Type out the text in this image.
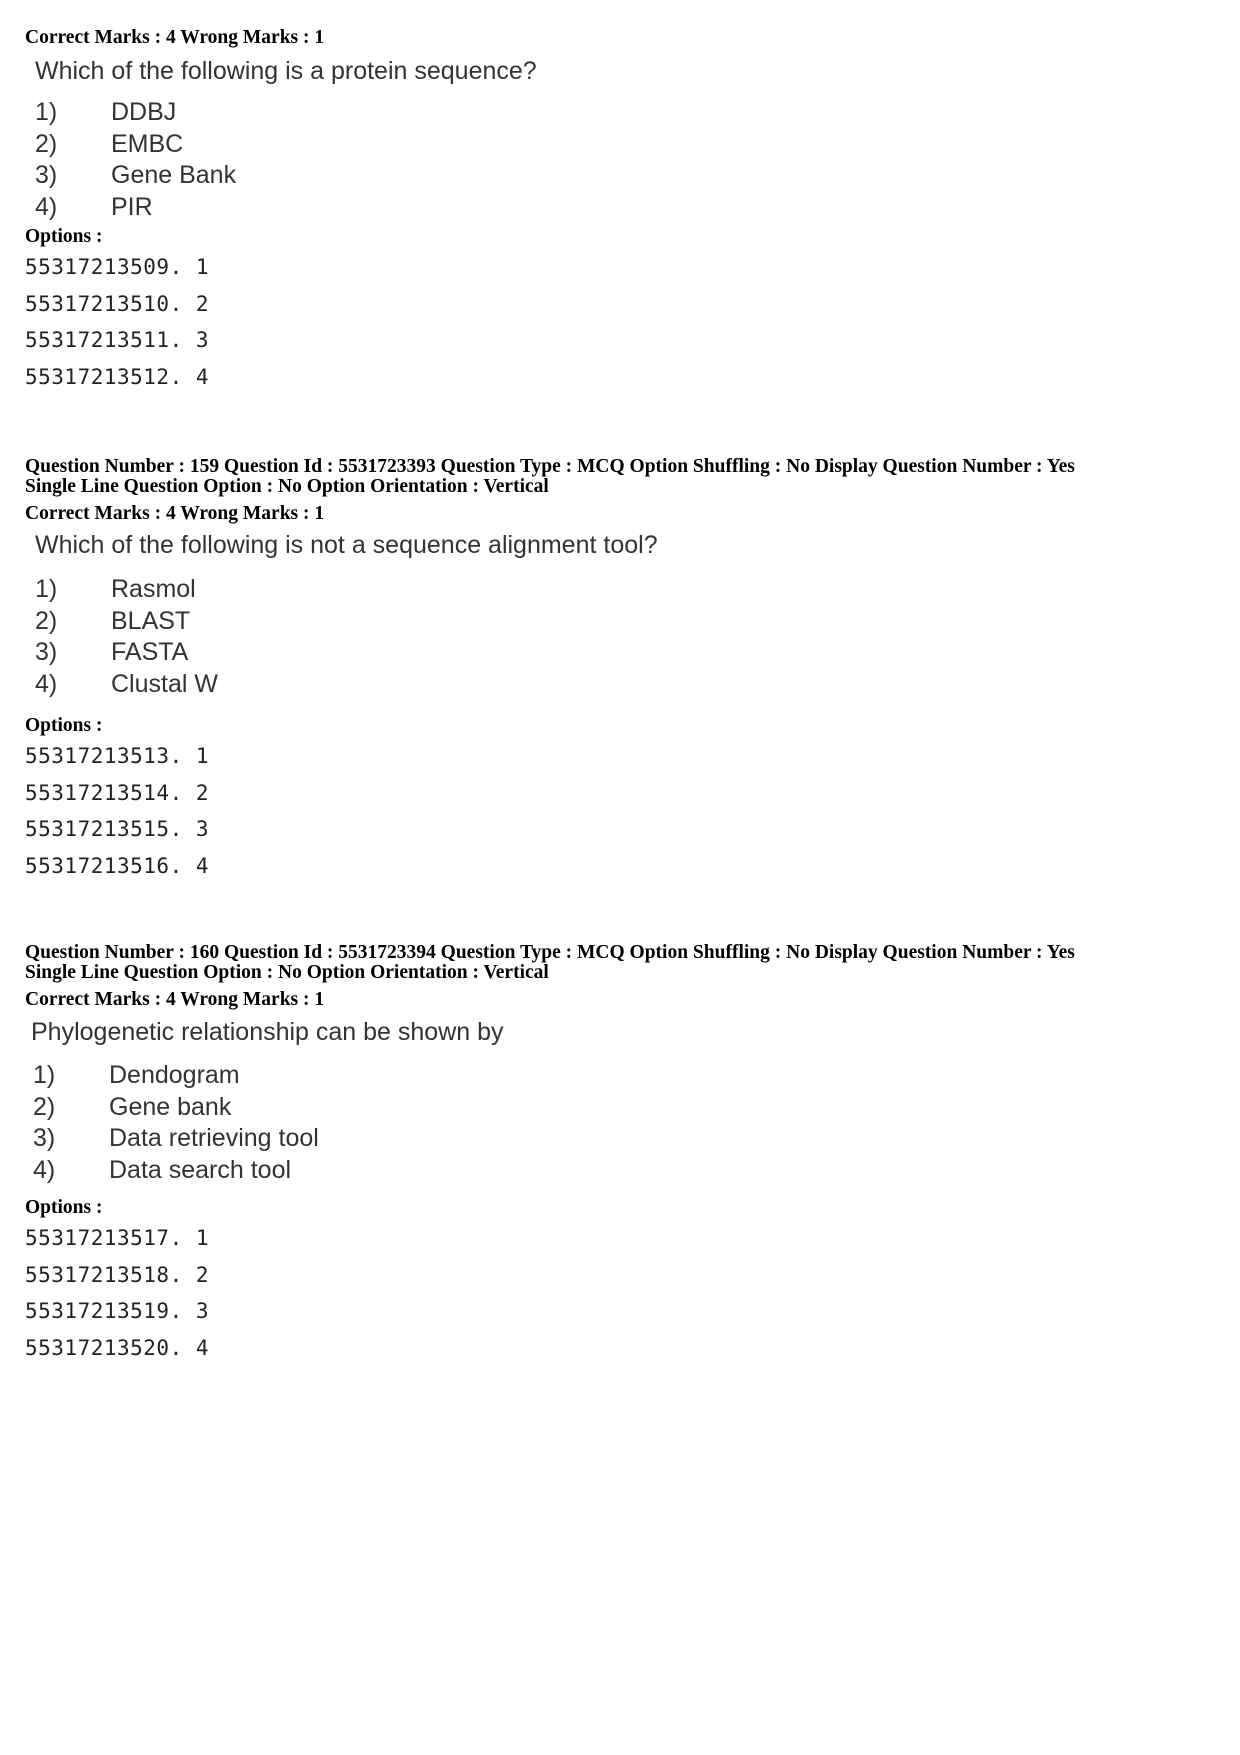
Correct Marks : 4 Wrong Marks : 1
Which of the following is a protein sequence?
1)	DDBJ
2)	EMBC
3)	Gene Bank
4)	PIR
Options :
55317213509. 1
55317213510. 2
55317213511. 3
55317213512. 4
Question Number : 159 Question Id : 5531723393 Question Type : MCQ Option Shuffling : No Display Question Number : Yes
Single Line Question Option : No Option Orientation : Vertical
Correct Marks : 4 Wrong Marks : 1
Which of the following is not a sequence alignment tool?
1)	Rasmol
2)	BLAST
3)	FASTA
4)	Clustal W
Options :
55317213513. 1
55317213514. 2
55317213515. 3
55317213516. 4
Question Number : 160 Question Id : 5531723394 Question Type : MCQ Option Shuffling : No Display Question Number : Yes
Single Line Question Option : No Option Orientation : Vertical
Correct Marks : 4 Wrong Marks : 1
Phylogenetic relationship can be shown by
1)	Dendogram
2)	Gene bank
3)	Data retrieving tool
4)	Data search tool
Options :
55317213517. 1
55317213518. 2
55317213519. 3
55317213520. 4
